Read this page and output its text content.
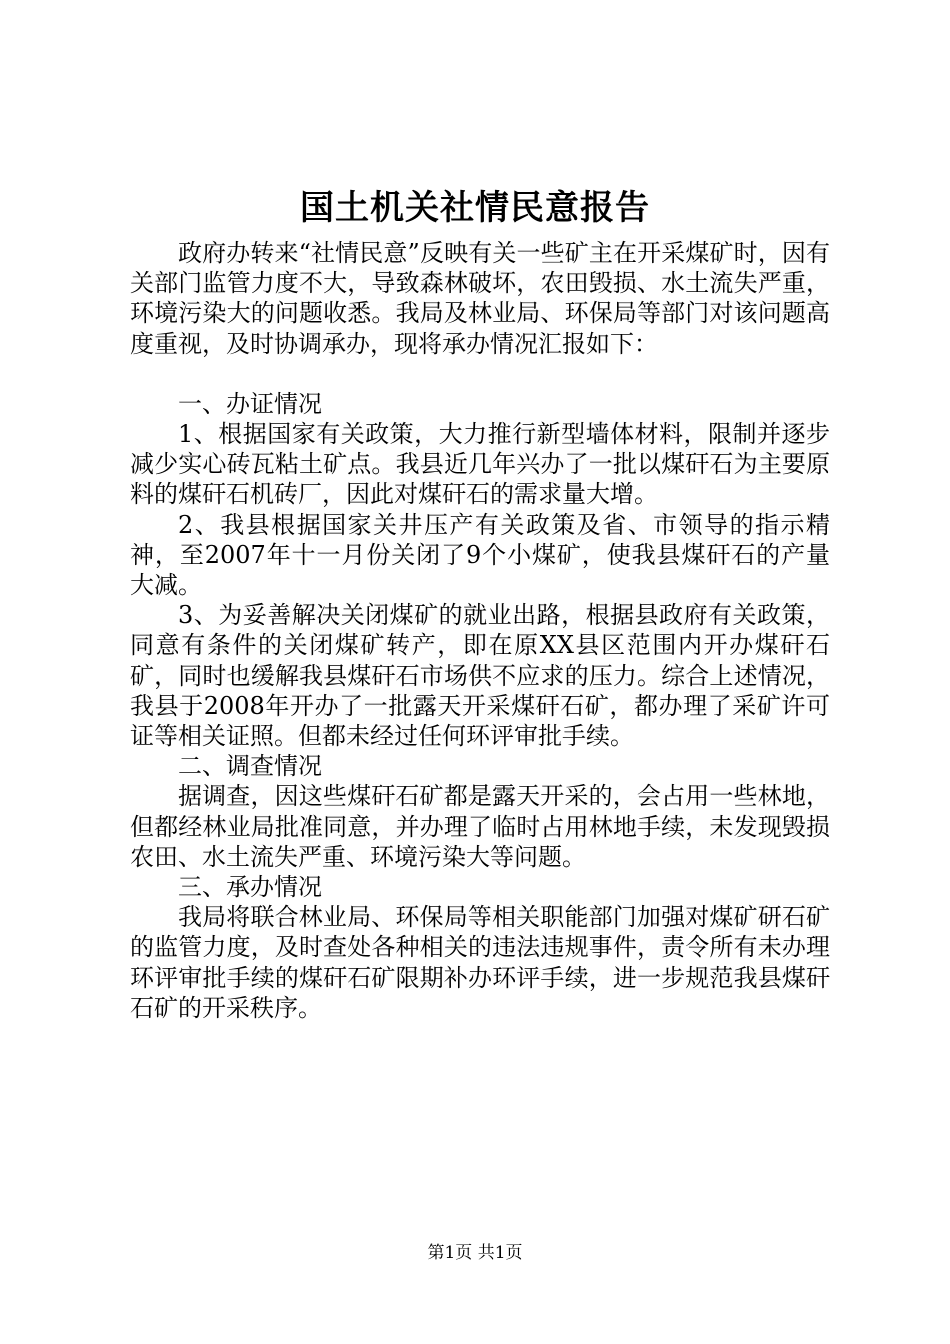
国土机关社情民意报告

政府办转来“社情民意”反映有关一些矿主在开采煤矿时，因有关部门监管力度不大，导致森林破坏，农田毁损、水土流失严重，环境污染大的问题收悉。我局及林业局、环保局等部门对该问题高度重视，及时协调承办，现将承办情况汇报如下：

一、办证情况

1、根据国家有关政策，大力推行新型墙体材料，限制并逐步减少实心砖瓦粘土矿点。我县近几年兴办了一批以煤矸石为主要原料的煤矸石机砖厂，因此对煤矸石的需求量大增。

2、我县根据国家关井压产有关政策及省、市领导的指示精神，至2007年十一月份关闭了9个小煤矿，使我县煤矸石的产量大减。

3、为妥善解决关闭煤矿的就业出路，根据县政府有关政策，同意有条件的关闭煤矿转产，即在原XX县区范围内开办煤矸石矿，同时也缓解我县煤矸石市场供不应求的压力。综合上述情况，我县于2008年开办了一批露天开采煤矸石矿，都办理了采矿许可证等相关证照。但都未经过任何环评审批手续。

二、调查情况

据调查，因这些煤矸石矿都是露天开采的，会占用一些林地，但都经林业局批准同意，并办理了临时占用林地手续，未发现毁损农田、水土流失严重、环境污染大等问题。

三、承办情况

我局将联合林业局、环保局等相关职能部门加强对煤矿研石矿的监管力度，及时查处各种相关的违法违规事件，责令所有未办理环评审批手续的煤矸石矿限期补办环评手续，进一步规范我县煤矸石矿的开采秩序。

第1页 共1页
